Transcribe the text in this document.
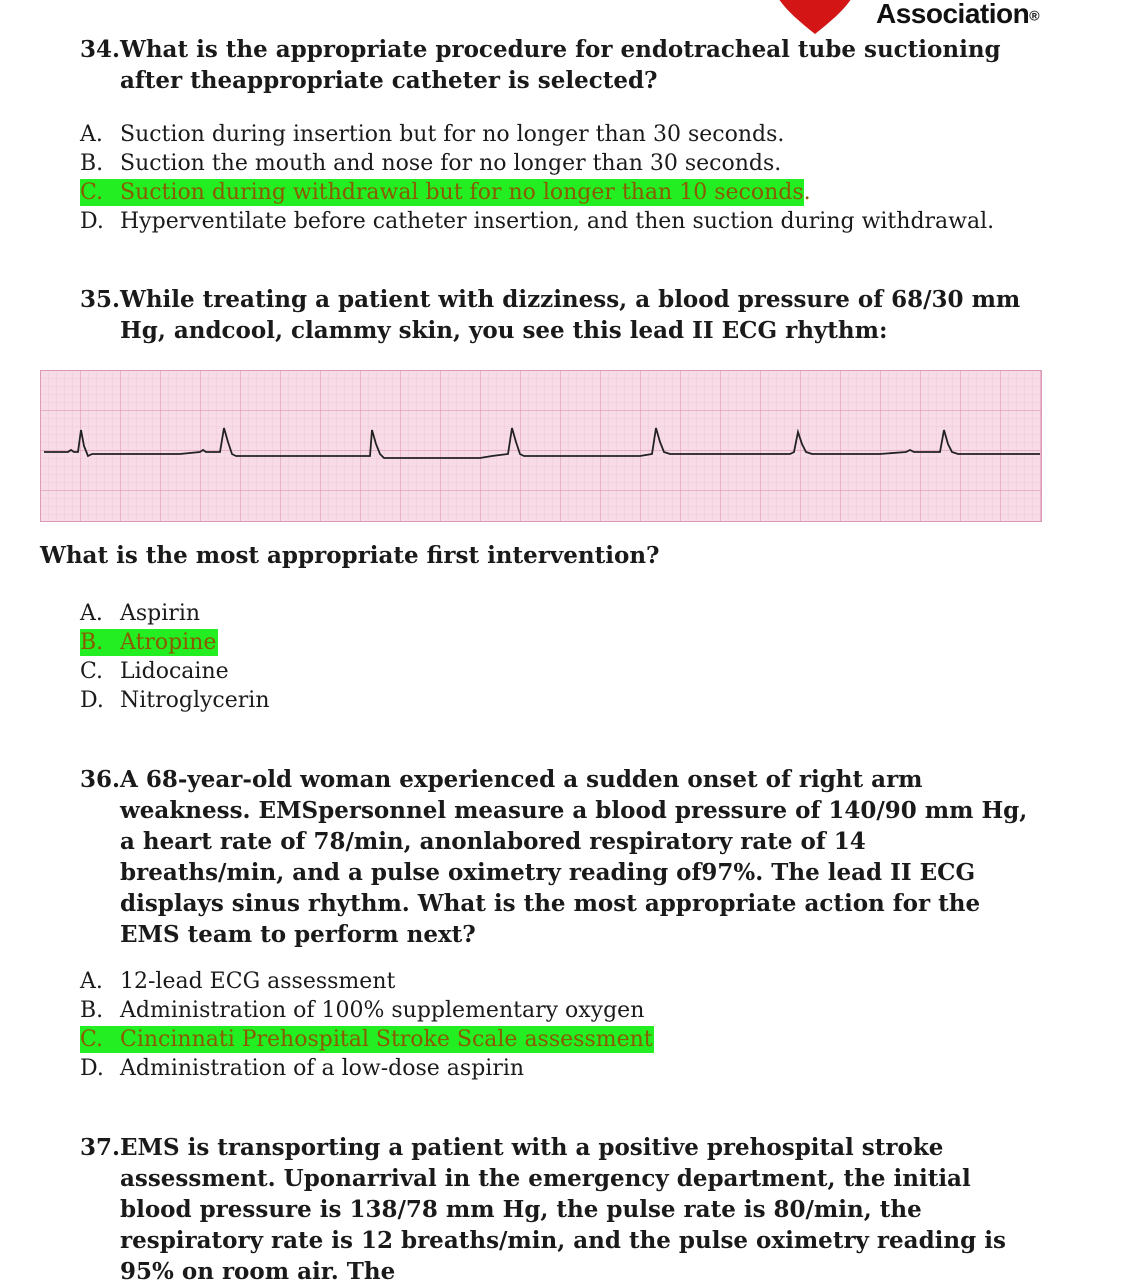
Association®
34. What is the appropriate procedure for endotracheal tube suctioning after theappropriate catheter is selected?
A. Suction during insertion but for no longer than 30 seconds.
B. Suction the mouth and nose for no longer than 30 seconds.
C. Suction during withdrawal but for no longer than 10 seconds.
D. Hyperventilate before catheter insertion, and then suction during withdrawal.
35. While treating a patient with dizziness, a blood pressure of 68/30 mm Hg, andcool, clammy skin, you see this lead II ECG rhythm:
What is the most appropriate first intervention?
A. Aspirin
B. Atropine
C. Lidocaine
D. Nitroglycerin
36. A 68-year-old woman experienced a sudden onset of right arm weakness. EMSpersonnel measure a blood pressure of 140/90 mm Hg, a heart rate of 78/min, anonlabored respiratory rate of 14 breaths/min, and a pulse oximetry reading of97%. The lead II ECG displays sinus rhythm. What is the most appropriate action for the EMS team to perform next?
A. 12-lead ECG assessment
B. Administration of 100% supplementary oxygen
C. Cincinnati Prehospital Stroke Scale assessment
D. Administration of a low-dose aspirin
37. EMS is transporting a patient with a positive prehospital stroke assessment. Uponarrival in the emergency department, the initial blood pressure is 138/78 mm Hg, the pulse rate is 80/min, the respiratory rate is 12 breaths/min, and the pulse oximetry reading is 95% on room air. The
